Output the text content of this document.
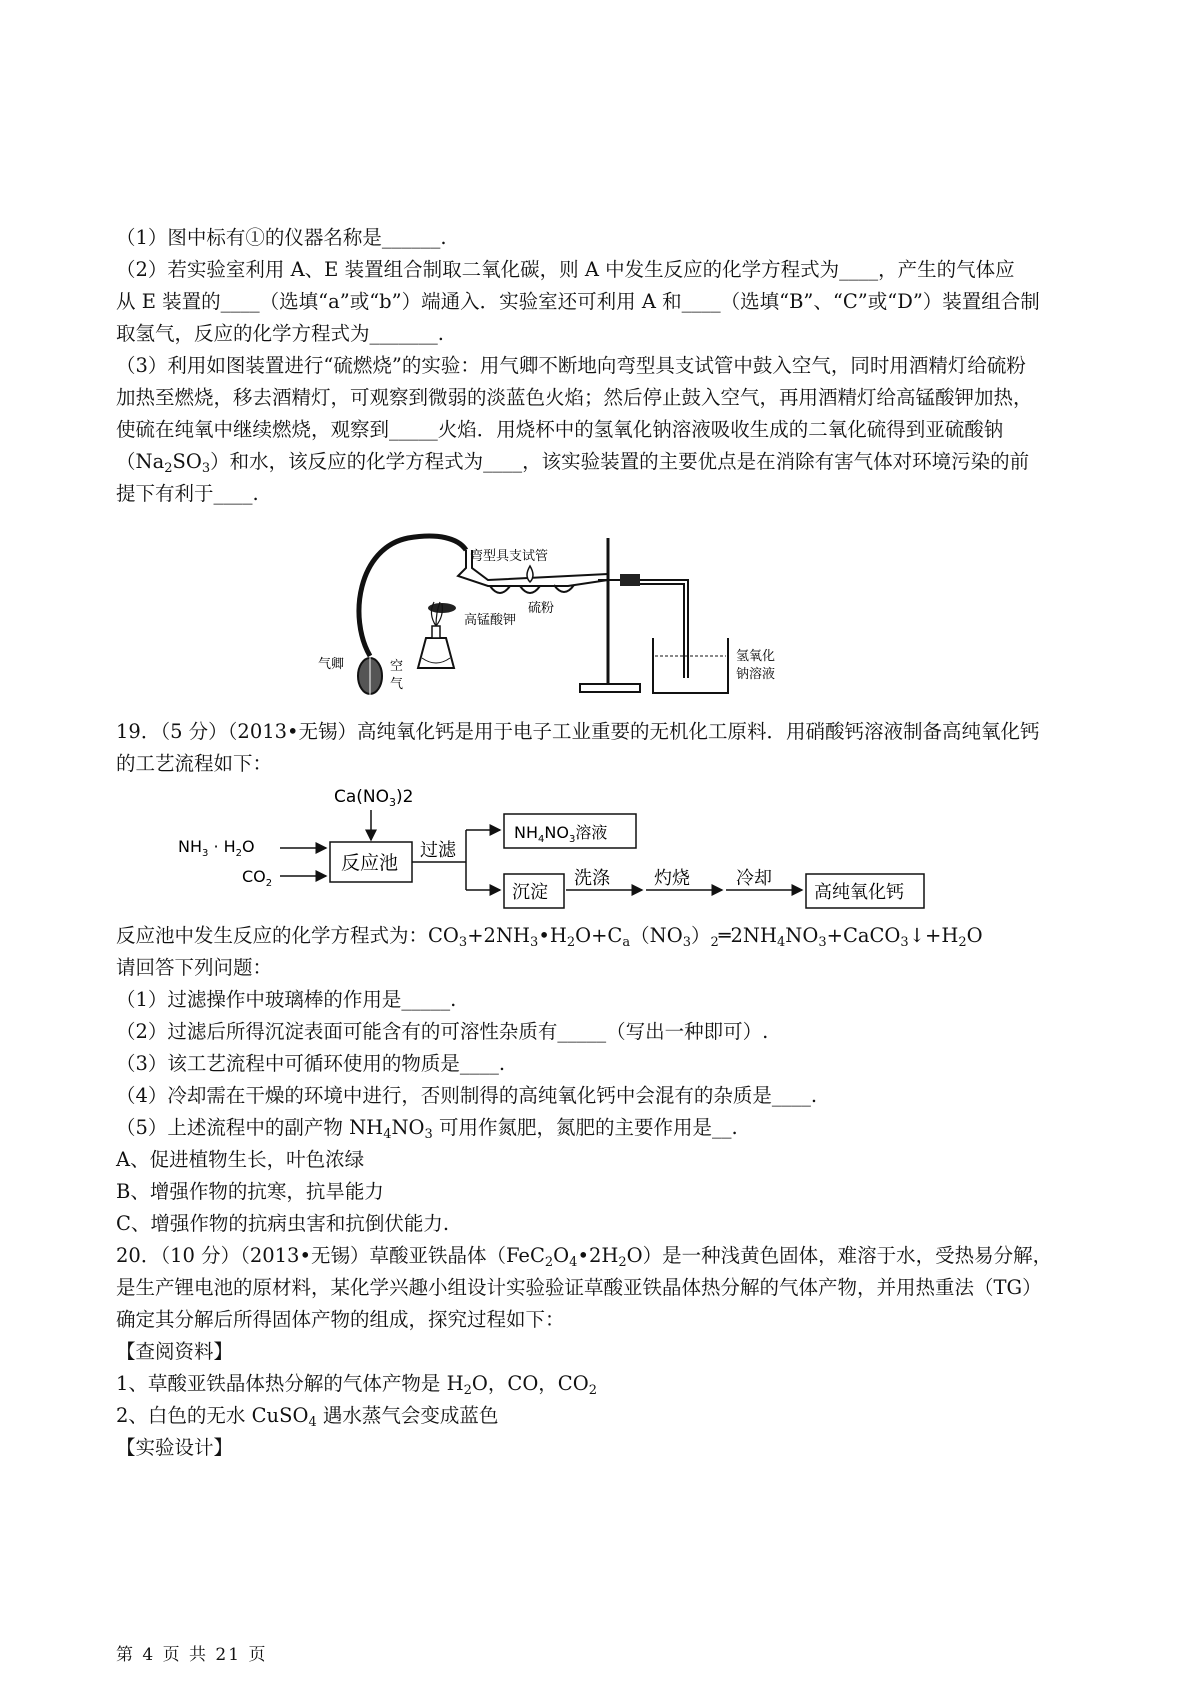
（1）图中标有①的仪器名称是______.
（2）若实验室利用 A、E 装置组合制取二氧化碳，则 A 中发生反应的化学方程式为____，产生的气体应
从 E 装置的____（选填“a”或“b”）端通入．实验室还可利用 A 和____（选填“B”、“C”或“D”）装置组合制
取氢气，反应的化学方程式为_______.
（3）利用如图装置进行“硫燃烧”的实验：用气卿不断地向弯型具支试管中鼓入空气，同时用酒精灯给硫粉
加热至燃烧，移去酒精灯，可观察到微弱的淡蓝色火焰；然后停止鼓入空气，再用酒精灯给高锰酸钾加热，
使硫在纯氧中继续燃烧，观察到_____火焰．用烧杯中的氢氧化钠溶液吸收生成的二氧化硫得到亚硫酸钠
$(Na_2SO_3)$和水，该反应的化学方程式为____，该实验装置的主要优点是在消除有害气体对环境污染的前
提下有利于____.
弯型具支试管
高锰酸钾
硫粉
气卿	空
气
氢氧化
钠溶液
19．（5 分）（2013•无锡）高纯氧化钙是用于电子工业重要的无机化工原料．用硝酸钙溶液制备高纯氧化钙
的工艺流程如下：
$Ca(NO_3)2$
$NH_3 \cdot H_2O$
$CO_2$
反应池
过滤
$NH_4NO_3$溶液
沉淀
洗涤 灼烧	冷却
高纯氧化钙
反应池中发生反应的化学方程式为：$CO_3+2NH_3•H_2O+C_a(NO_3)_2═2NH_4NO_3+CaCO_3↓+H_2O$
请回答下列问题：
（1）过滤操作中玻璃棒的作用是_____.
（2）过滤后所得沉淀表面可能含有的可溶性杂质有_____（写出一种即可）.
（3）该工艺流程中可循环使用的物质是____.
（4）冷却需在干燥的环境中进行，否则制得的高纯氧化钙中会混有的杂质是____.
（5）上述流程中的副产物 $NH_4NO_3$ 可用作氮肥，氮肥的主要作用是__.
A、促进植物生长，叶色浓绿
B、增强作物的抗寒，抗旱能力
C、增强作物的抗病虫害和抗倒伏能力.
20．（10 分）（2013•无锡）草酸亚铁晶体$(FeC_2O_4•2H_2O)$是一种浅黄色固体，难溶于水，受热易分解，
是生产锂电池的原材料，某化学兴趣小组设计实验验证草酸亚铁晶体热分解的气体产物，并用热重法（TG）
确定其分解后所得固体产物的组成，探究过程如下：
【查阅资料】
1、草酸亚铁晶体热分解的气体产物是 $H_2O$，CO，$CO_2$
2、白色的无水 CuSO$_4$ 遇水蒸气会变成蓝色
【实验设计】
第 4 页 共 21 页
